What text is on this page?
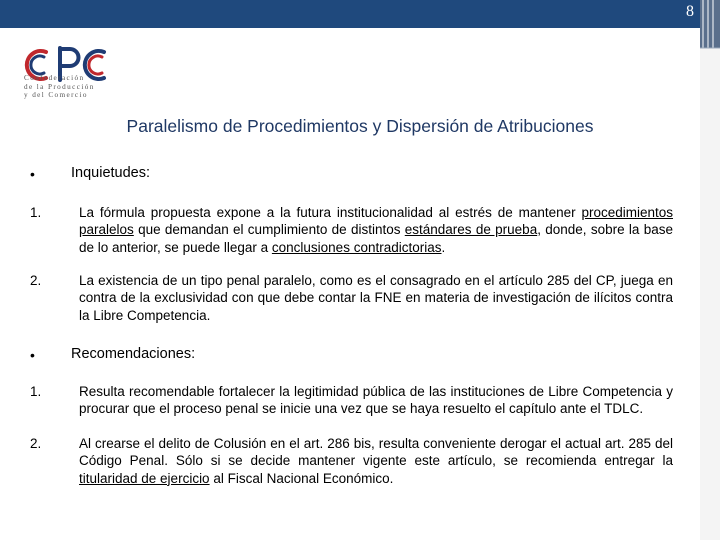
8
Confederación
de la Producción
y del Comercio
Paralelismo de Procedimientos y Dispersión de Atribuciones
• Inquietudes:
1.	La fórmula propuesta expone a la futura institucionalidad al estrés de mantener procedimientos paralelos que demandan el cumplimiento de distintos estándares de prueba, donde, sobre la base de lo anterior, se puede llegar a conclusiones contradictorias.
2.	La existencia de un tipo penal paralelo, como es el consagrado en el artículo 285 del CP, juega en contra de la exclusividad con que debe contar la FNE en materia de investigación de ilícitos contra la Libre Competencia.
• Recomendaciones:
1.	Resulta recomendable fortalecer la legitimidad pública de las instituciones de Libre Competencia y procurar que el proceso penal se inicie una vez que se haya resuelto el capítulo ante el TDLC.
2.	Al crearse el delito de Colusión en el art. 286 bis, resulta conveniente derogar el actual art. 285 del Código Penal. Sólo si se decide mantener vigente este artículo, se recomienda entregar la titularidad de ejercicio al Fiscal Nacional Económico.
